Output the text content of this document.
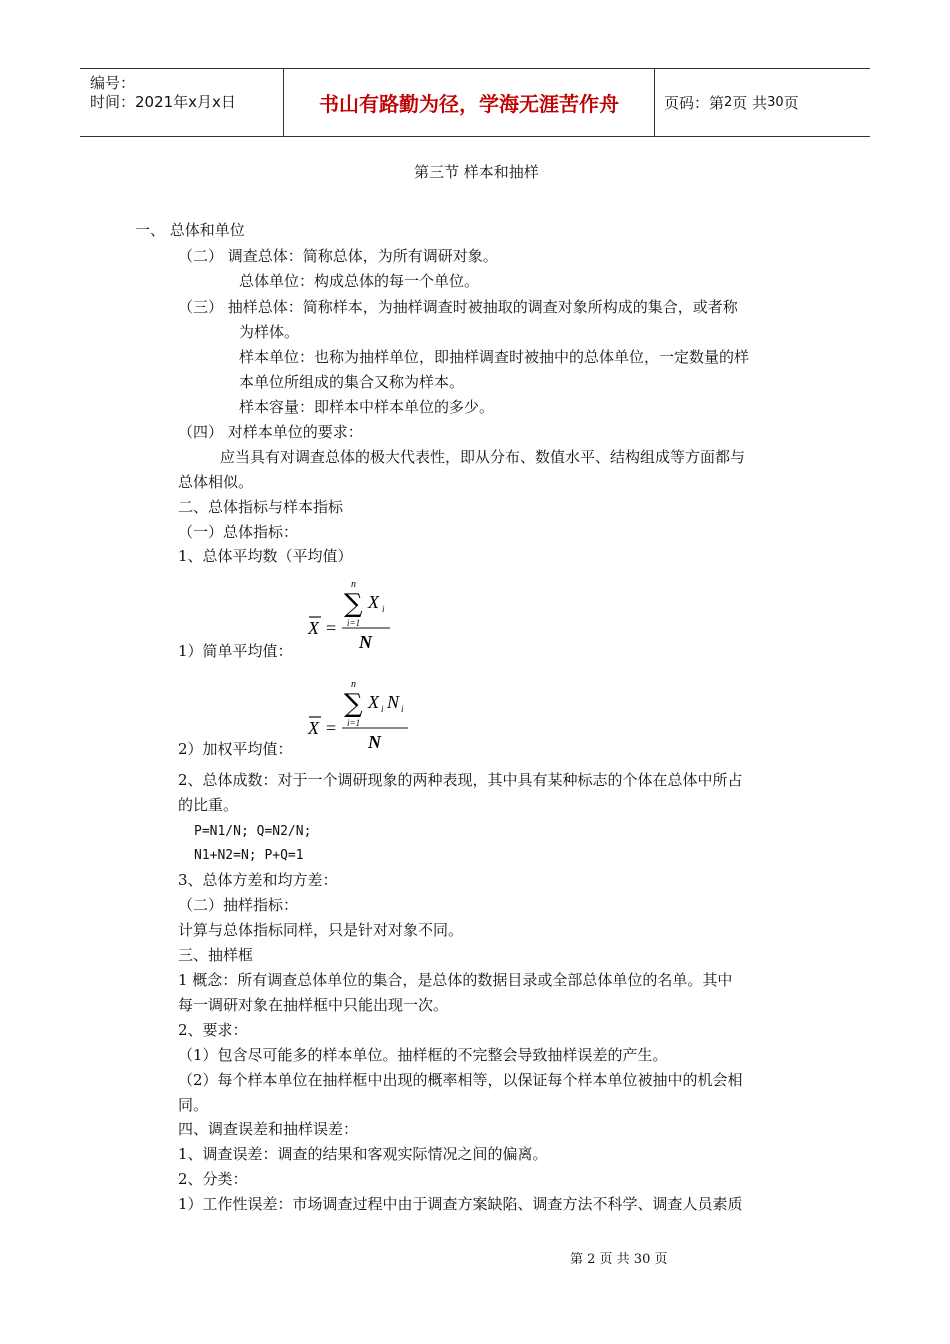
编号：
时间：2021年x月x日	书山有路勤为径，学海无涯苦作舟	页码：第 2 页 共 30 页
第三节 样本和抽样
一、 总体和单位
（二） 调查总体：简称总体，为所有调研对象。
总体单位：构成总体的每一个单位。
（三） 抽样总体：简称样本，为抽样调查时被抽取的调查对象所构成的集合，或者称
为样体。
样本单位：也称为抽样单位，即抽样调查时被抽中的总体单位，一定数量的样
本单位所组成的集合又称为样本。
样本容量：即样本中样本单位的多少。
（四） 对样本单位的要求：
应当具有对调查总体的极大代表性，即从分布、数值水平、结构组成等方面都与
总体相似。
二、总体指标与样本指标
（一）总体指标：
1、总体平均数（平均值）
1）简单平均值：
X =
n
∑
i=1
X i
N
2）加权平均值：
X =
n
∑
i=1
X i N i
N
2、总体成数：对于一个调研现象的两种表现，其中具有某种标志的个体在总体中所占
的比重。
P=N1/N; Q=N2/N;
N1+N2=N; P+Q=1
3、总体方差和均方差：
（二）抽样指标：
计算与总体指标同样，只是针对对象不同。
三、抽样框
1 概念：所有调查总体单位的集合，是总体的数据目录或全部总体单位的名单。其中
每一调研对象在抽样框中只能出现一次。
2、要求：
（1）包含尽可能多的样本单位。抽样框的不完整会导致抽样误差的产生。
（2）每个样本单位在抽样框中出现的概率相等，以保证每个样本单位被抽中的机会相
同。
四、调查误差和抽样误差：
1、调查误差：调查的结果和客观实际情况之间的偏离。
2、分类：
1）工作性误差：市场调查过程中由于调查方案缺陷、调查方法不科学、调查人员素质
第 2 页 共 30 页
